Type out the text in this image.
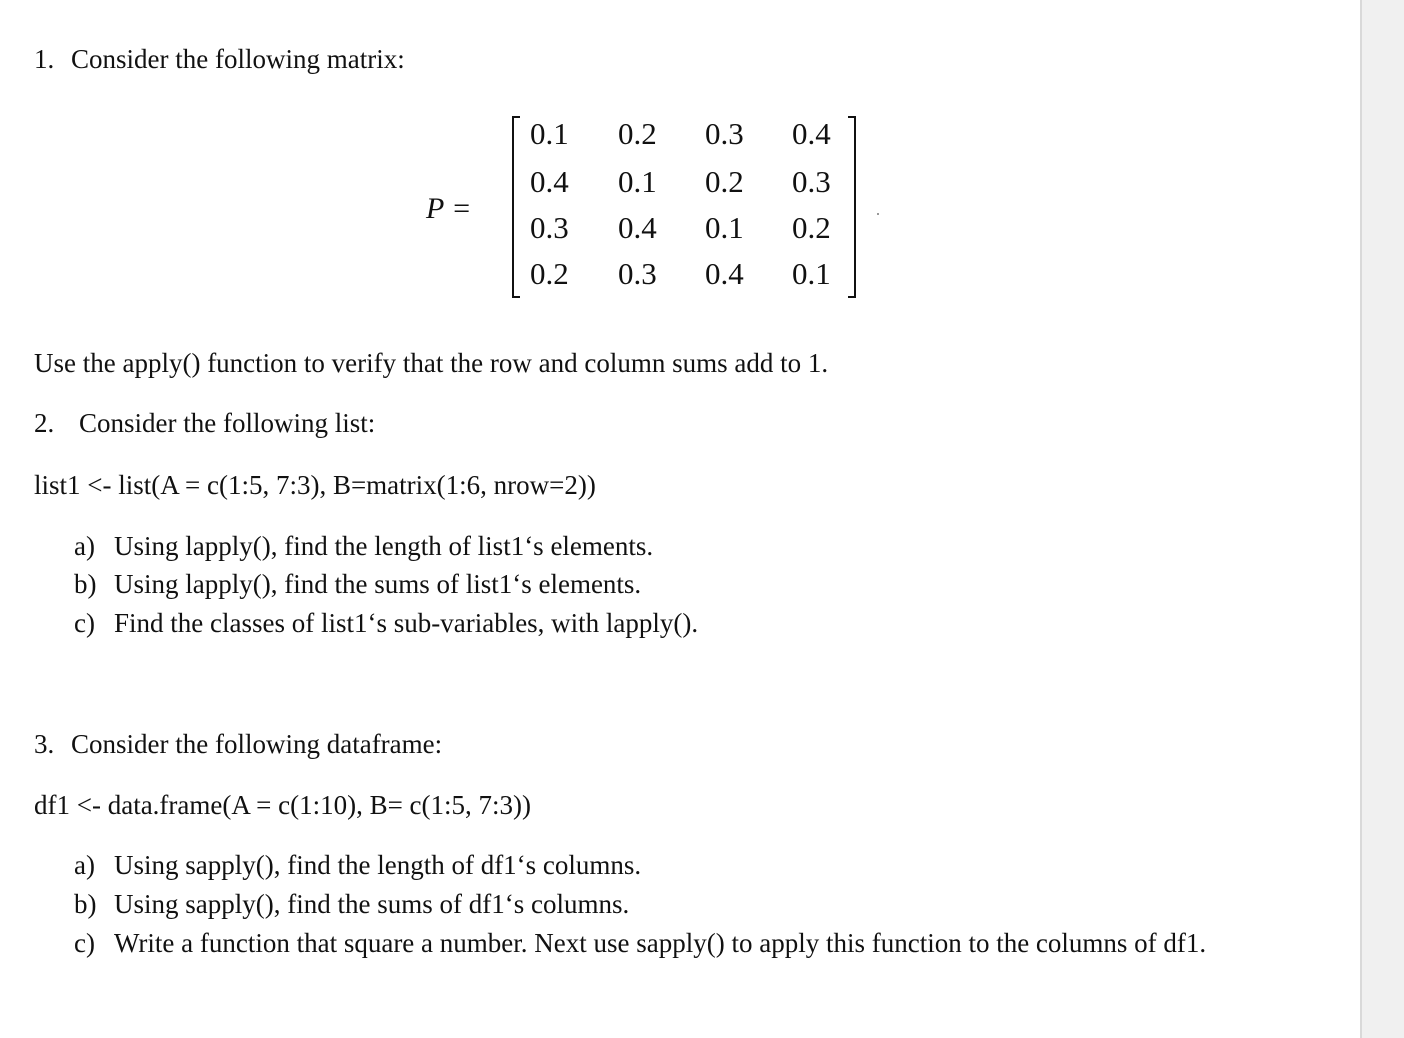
1. Consider the following matrix:
P =
0.1 0.2 0.3 0.4
0.4 0.1 0.2 0.3
0.3 0.4 0.1 0.2
0.2 0.3 0.4 0.1
Use the apply() function to verify that the row and column sums add to 1.
2. Consider the following list:
list1 <- list(A = c(1:5, 7:3), B=matrix(1:6, nrow=2))
a) Using lapply(), find the length of list1‘s elements.
b) Using lapply(), find the sums of list1‘s elements.
c) Find the classes of list1‘s sub-variables, with lapply().
3. Consider the following dataframe:
df1 <- data.frame(A = c(1:10), B= c(1:5, 7:3))
a) Using sapply(), find the length of df1‘s columns.
b) Using sapply(), find the sums of df1‘s columns.
c) Write a function that square a number. Next use sapply() to apply this function to the columns of df1.
